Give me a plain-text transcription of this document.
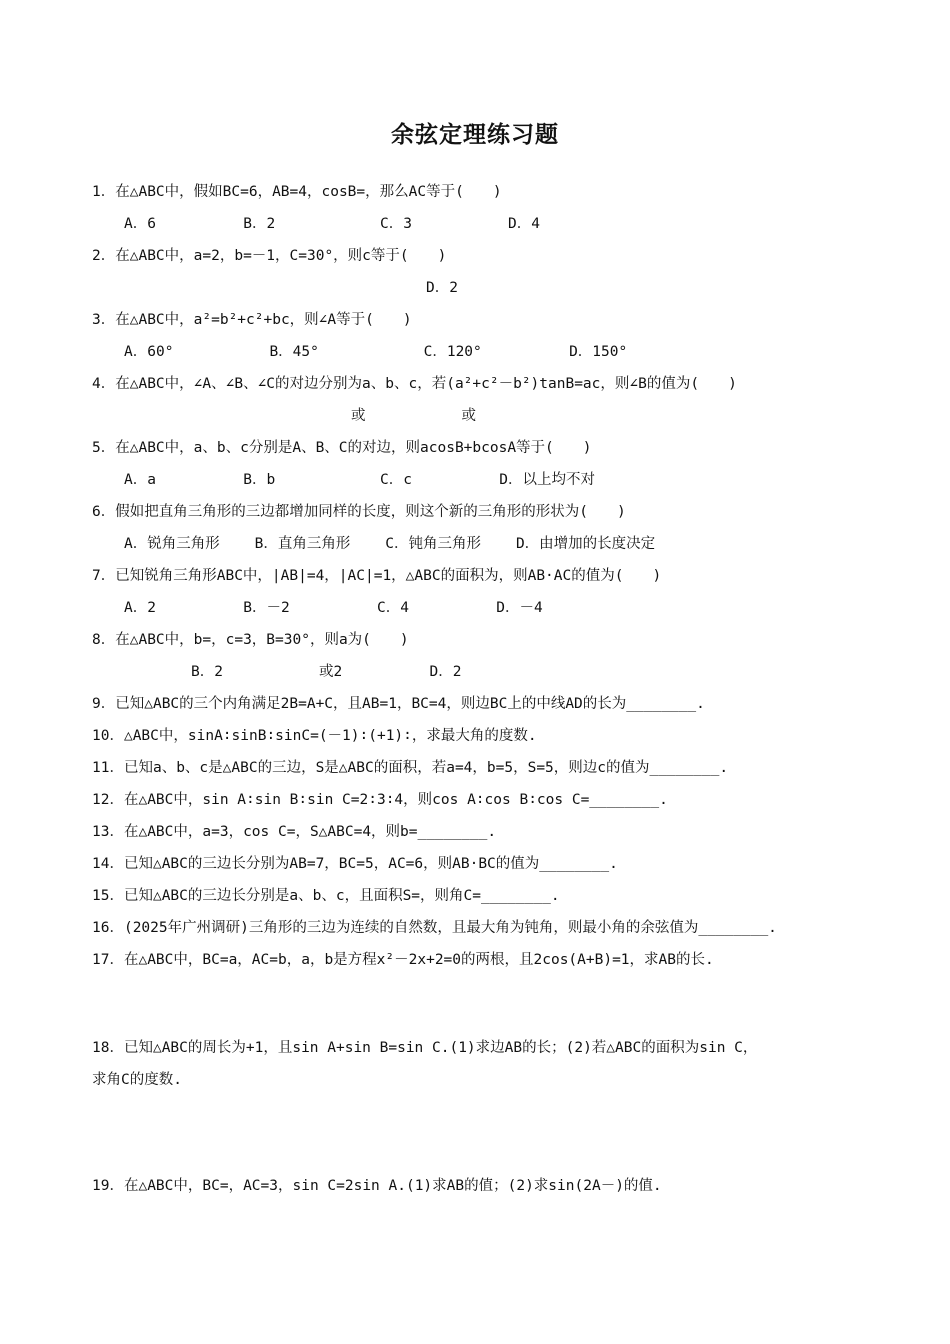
余弦定理练习题
1．在△ABC中，假如BC=6，AB=4，cosB=，那么AC等于(　　)
A．6          B．2            C．3           D．4
2．在△ABC中，a=2，b=－1，C=30°，则c等于(　　)
D．2
3．在△ABC中，a²=b²+c²+bc，则∠A等于(　　)
A．60°           B．45°            C．120°          D．150°
4．在△ABC中，∠A、∠B、∠C的对边分别为a、b、c，若(a²+c²－b²)tanB=ac，则∠B的值为(　　)
或           或
5．在△ABC中，a、b、c分别是A、B、C的对边，则acosB+bcosA等于(　　)
A．a          B．b            C．c          D．以上均不对
6．假如把直角三角形的三边都增加同样的长度，则这个新的三角形的形状为(　　)
A．锐角三角形    B．直角三角形    C．钝角三角形    D．由增加的长度决定
7．已知锐角三角形ABC中，|AB|=4，|AC|=1，△ABC的面积为，则AB·AC的值为(　　)
A．2          B．－2          C．4          D．－4
8．在△ABC中，b=，c=3，B=30°，则a为(　　)
B．2           或2          D．2
9．已知△ABC的三个内角满足2B=A+C，且AB=1，BC=4，则边BC上的中线AD的长为________.
10．△ABC中，sinA∶sinB∶sinC=(－1)∶(+1)∶，求最大角的度数.
11．已知a、b、c是△ABC的三边，S是△ABC的面积，若a=4，b=5，S=5，则边c的值为________.
12．在△ABC中，sin A∶sin B∶sin C=2∶3∶4，则cos A∶cos B∶cos C=________.
13．在△ABC中，a=3，cos C=，S△ABC=4，则b=________.
14．已知△ABC的三边长分别为AB=7，BC=5，AC=6，则AB·BC的值为________.
15．已知△ABC的三边长分别是a、b、c，且面积S=，则角C=________.
16．(2025年广州调研)三角形的三边为连续的自然数，且最大角为钝角，则最小角的余弦值为________.
17．在△ABC中，BC=a，AC=b，a，b是方程x²－2x+2=0的两根，且2cos(A+B)=1，求AB的长.
18．已知△ABC的周长为+1，且sin A+sin B=sin C.(1)求边AB的长；(2)若△ABC的面积为sin C，
求角C的度数.
19．在△ABC中，BC=，AC=3，sin C=2sin A.(1)求AB的值；(2)求sin(2A－)的值.
